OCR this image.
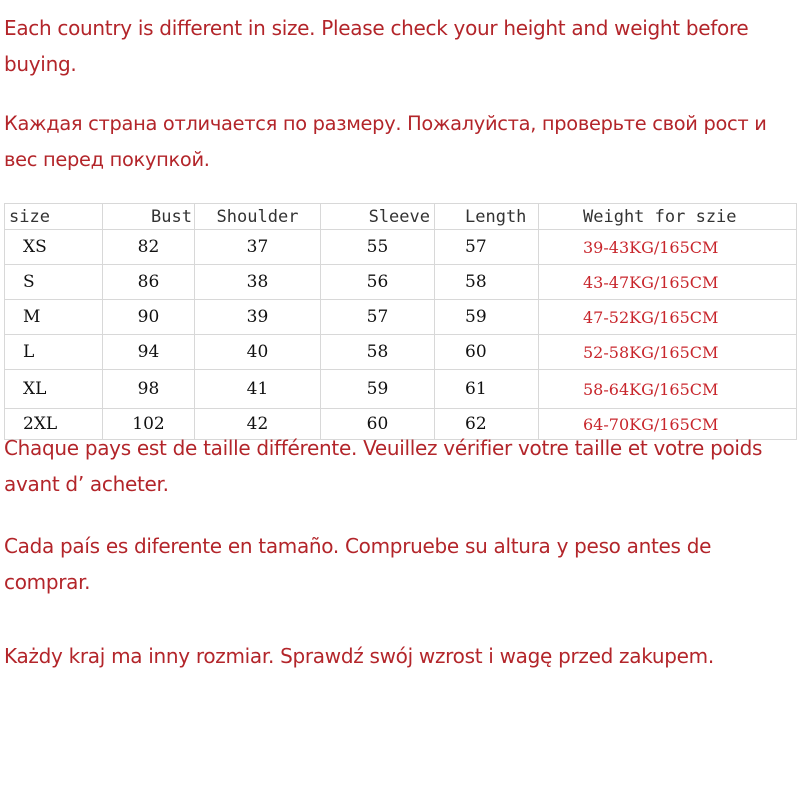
Each country is different in size. Please check your height and weight before buying.

Каждая страна отличается по размеру. Пожалуйста, проверьте свой рост и вес перед покупкой.

size	Bust	Shoulder	Sleeve	Length	Weight for szie
XS	82	37	55	57	39-43KG/165CM
S	86	38	56	58	43-47KG/165CM
M	90	39	57	59	47-52KG/165CM
L	94	40	58	60	52-58KG/165CM
XL	98	41	59	61	58-64KG/165CM
2XL	102	42	60	62	64-70KG/165CM

Chaque pays est de taille différente. Veuillez vérifier votre taille et votre poids avant d’ acheter.

Cada país es diferente en tamaño. Compruebe su altura y peso antes de comprar.

Każdy kraj ma inny rozmiar. Sprawdź swój wzrost i wagę przed zakupem.
